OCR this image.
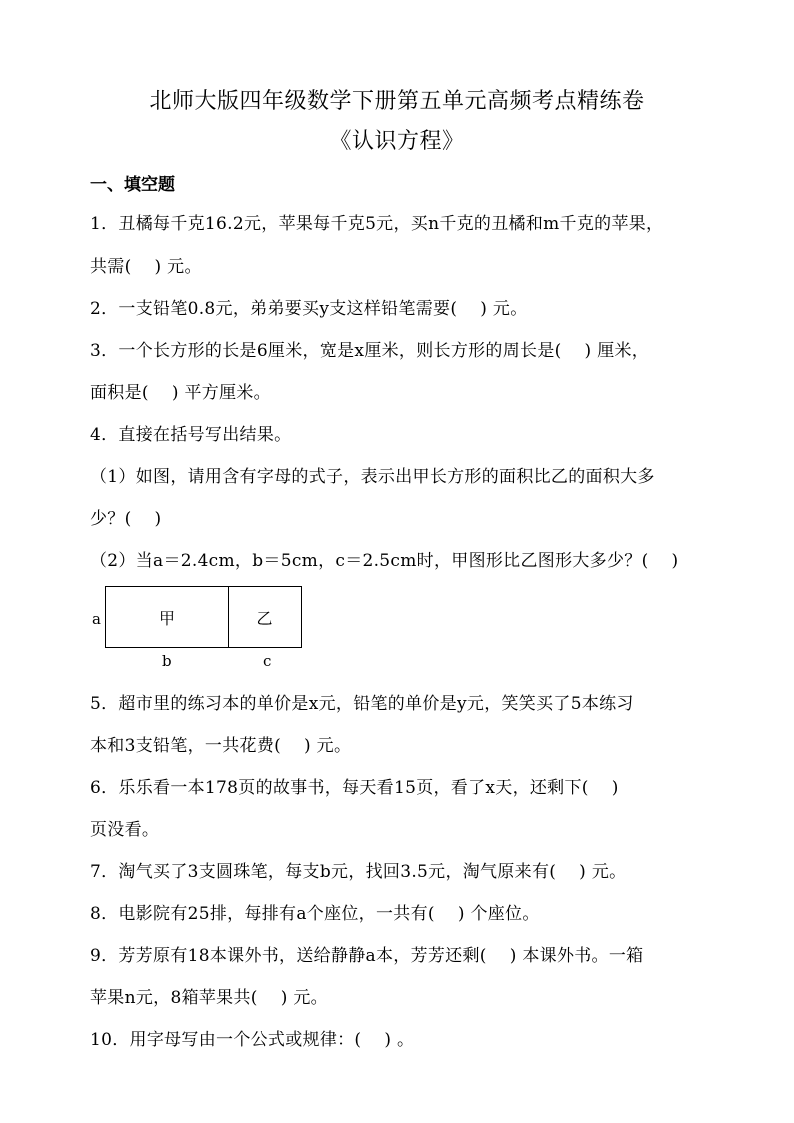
北师大版四年级数学下册第五单元高频考点精练卷
《认识方程》
一、填空题
1．丑橘每千克16.2元，苹果每千克5元，买n千克的丑橘和m千克的苹果，
共需(　 ) 元。
2．一支铅笔0.8元，弟弟要买y支这样铅笔需要(　 ) 元。
3．一个长方形的长是6厘米，宽是x厘米，则长方形的周长是(　 ) 厘米，
面积是(　 ) 平方厘米。
4．直接在括号写出结果。
（1）如图，请用含有字母的式子，表示出甲长方形的面积比乙的面积大多
少？(　 )
（2）当a＝2.4cm，b＝5cm，c＝2.5cm时，甲图形比乙图形大多少？(　 )
a	甲	乙
b	c
5．超市里的练习本的单价是x元，铅笔的单价是y元，笑笑买了5本练习
本和3支铅笔，一共花费(　 ) 元。
6．乐乐看一本178页的故事书，每天看15页，看了x天，还剩下(　 )
页没看。
7．淘气买了3支圆珠笔，每支b元，找回3.5元，淘气原来有(　 ) 元。
8．电影院有25排，每排有a个座位，一共有(　 ) 个座位。
9．芳芳原有18本课外书，送给静静a本，芳芳还剩(　 ) 本课外书。一箱
苹果n元，8箱苹果共(　 ) 元。
10．用字母写由一个公式或规律：(　 ) 。
